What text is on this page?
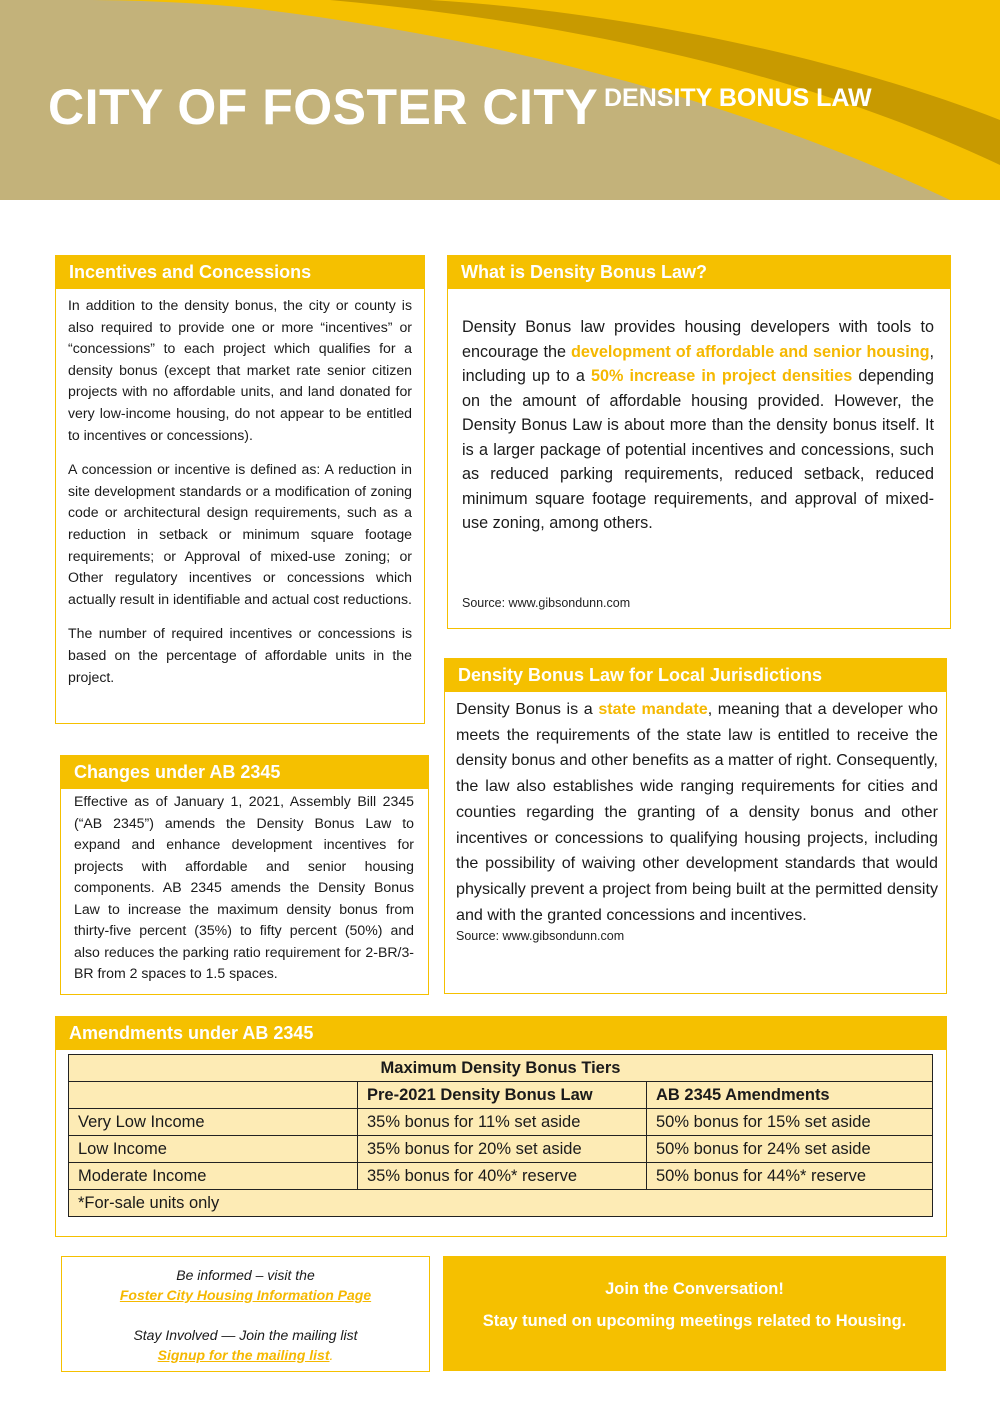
CITY OF FOSTER CITY DENSITY BONUS LAW
Incentives and Concessions

In addition to the density bonus, the city or county is also required to provide one or more “incentives” or “concessions” to each project which qualifies for a density bonus (except that market rate senior citizen projects with no affordable units, and land donated for very low-income housing, do not appear to be entitled to incentives or concessions).

A concession or incentive is defined as: A reduction in site development standards or a modification of zoning code or architectural design requirements, such as a reduction in setback or minimum square footage requirements; or Approval of mixed-use zoning; or Other regulatory incentives or concessions which actually result in identifiable and actual cost reductions.

The number of required incentives or concessions is based on the percentage of affordable units in the project.

What is Density Bonus Law?
Density Bonus law provides housing developers with tools to encourage the development of affordable and senior housing, including up to a 50% increase in project densities depending on the amount of affordable housing provided. However, the Density Bonus Law is about more than the density bonus itself. It is a larger package of potential incentives and concessions, such as reduced parking requirements, reduced setback, reduced minimum square footage requirements, and approval of mixed-use zoning, among others.
Source: www.gibsondunn.com
Changes under AB 2345
Effective as of January 1, 2021, Assembly Bill 2345 (“AB 2345”) amends the Density Bonus Law to expand and enhance development incentives for projects with affordable and senior housing components. AB 2345 amends the Density Bonus Law to increase the maximum density bonus from thirty-five percent (35%) to fifty percent (50%) and also reduces the parking ratio requirement for 2-BR/3-BR from 2 spaces to 1.5 spaces.
Density Bonus Law for Local Jurisdictions
Density Bonus is a state mandate, meaning that a developer who meets the requirements of the state law is entitled to receive the density bonus and other benefits as a matter of right. Consequently, the law also establishes wide ranging requirements for cities and counties regarding the granting of a density bonus and other incentives or concessions to qualifying housing projects, including the possibility of waiving other development standards that would physically prevent a project from being built at the permitted density and with the granted concessions and incentives.
Source: www.gibsondunn.com
Amendments under AB 2345
Maximum Density Bonus Tiers		
	Pre-2021 Density Bonus Law	AB 2345 Amendments
Very Low Income	35% bonus for 11% set aside	50% bonus for 15% set aside
Low Income	35% bonus for 20% set aside	50% bonus for 24% set aside
Moderate Income	35% bonus for 40%* reserve	50% bonus for 44%* reserve
*For-sale units only		
Be informed – visit the
Foster City Housing Information Page
Stay Involved — Join the mailing list
Signup for the mailing list.
Join the Conversation!
Stay tuned on upcoming meetings related to Housing.
